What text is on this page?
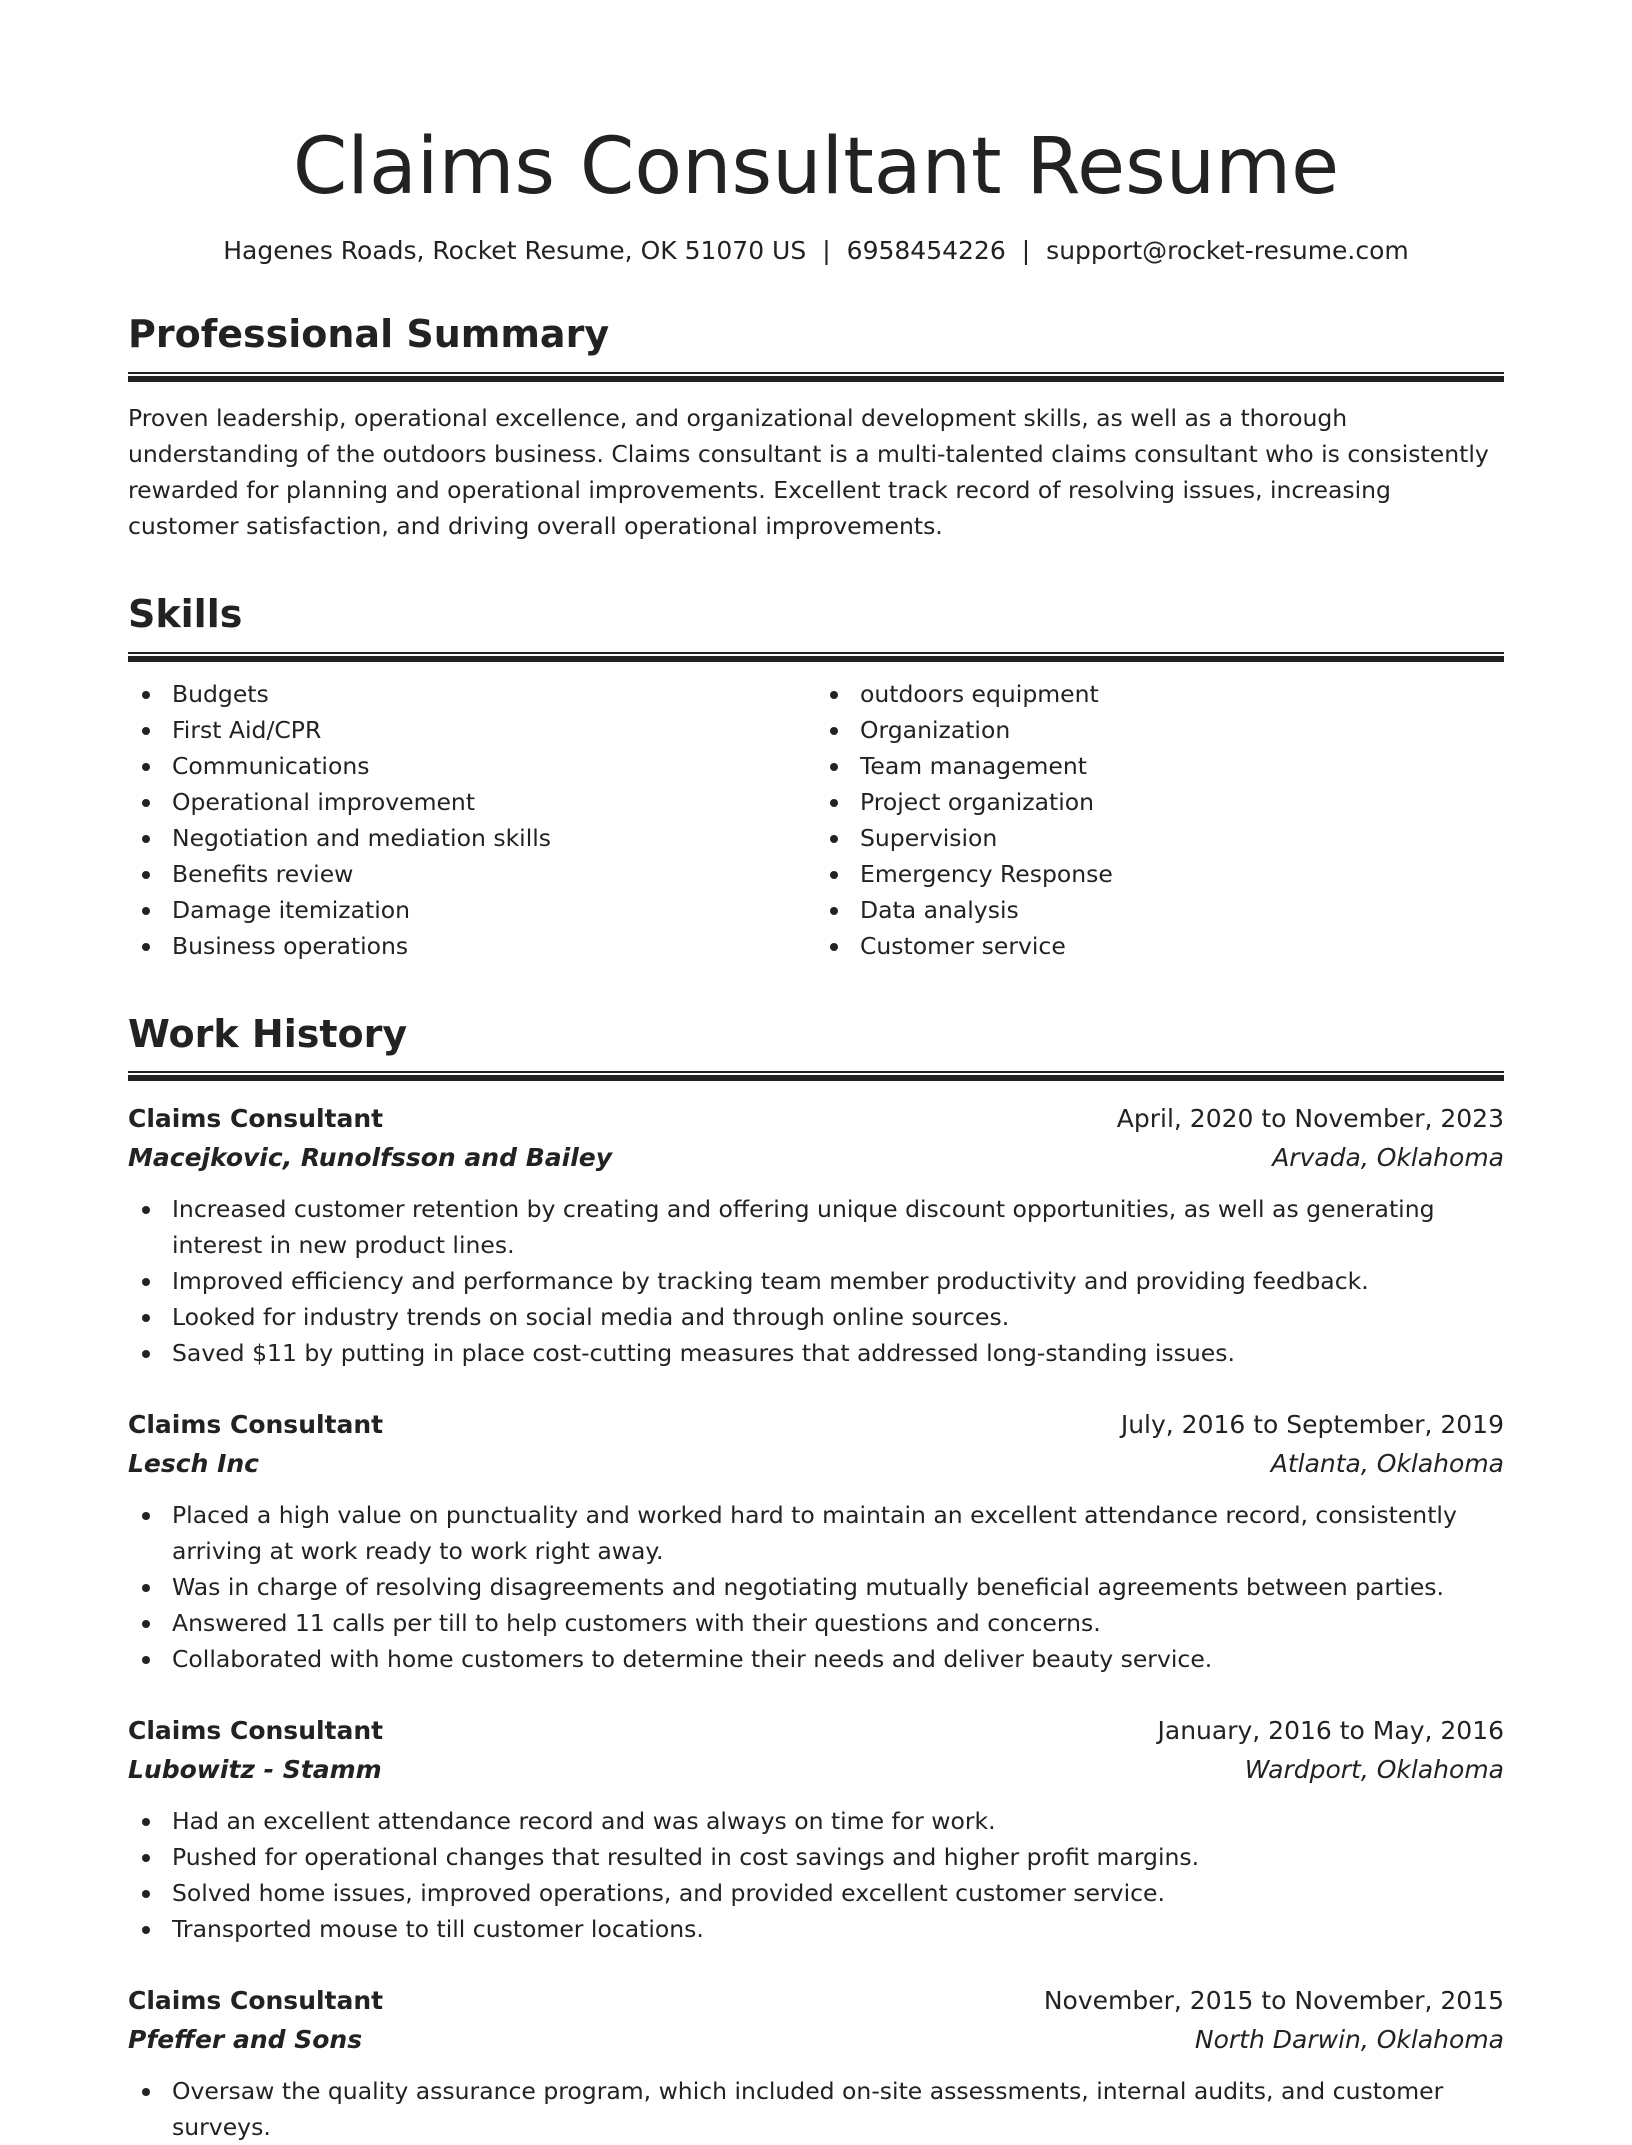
Claims Consultant Resume
Hagenes Roads, Rocket Resume, OK 51070 US | 6958454226 | support@rocket-resume.com
Professional Summary

Proven leadership, operational excellence, and organizational development skills, as well as a thorough understanding of the outdoors business. Claims consultant is a multi-talented claims consultant who is consistently rewarded for planning and operational improvements. Excellent track record of resolving issues, increasing customer satisfaction, and driving overall operational improvements.

Skills
Budgets
First Aid/CPR
Communications
Operational improvement
Negotiation and mediation skills
Benefits review
Damage itemization
Business operations
outdoors equipment
Organization
Team management
Project organization
Supervision
Emergency Response
Data analysis
Customer service
Work History
Claims Consultant	April, 2020 to November, 2023
Macejkovic, Runolfsson and Bailey	Arvada, Oklahoma
Increased customer retention by creating and offering unique discount opportunities, as well as generating interest in new product lines.
Improved efficiency and performance by tracking team member productivity and providing feedback.
Looked for industry trends on social media and through online sources.
Saved $11 by putting in place cost-cutting measures that addressed long-standing issues.
Claims Consultant	July, 2016 to September, 2019
Lesch Inc	Atlanta, Oklahoma
Placed a high value on punctuality and worked hard to maintain an excellent attendance record, consistently arriving at work ready to work right away.
Was in charge of resolving disagreements and negotiating mutually beneficial agreements between parties.
Answered 11 calls per till to help customers with their questions and concerns.
Collaborated with home customers to determine their needs and deliver beauty service.
Claims Consultant	January, 2016 to May, 2016
Lubowitz - Stamm	Wardport, Oklahoma
Had an excellent attendance record and was always on time for work.
Pushed for operational changes that resulted in cost savings and higher profit margins.
Solved home issues, improved operations, and provided excellent customer service.
Transported mouse to till customer locations.
Claims Consultant	November, 2015 to November, 2015
Pfeffer and Sons	North Darwin, Oklahoma
Oversaw the quality assurance program, which included on-site assessments, internal audits, and customer surveys.
